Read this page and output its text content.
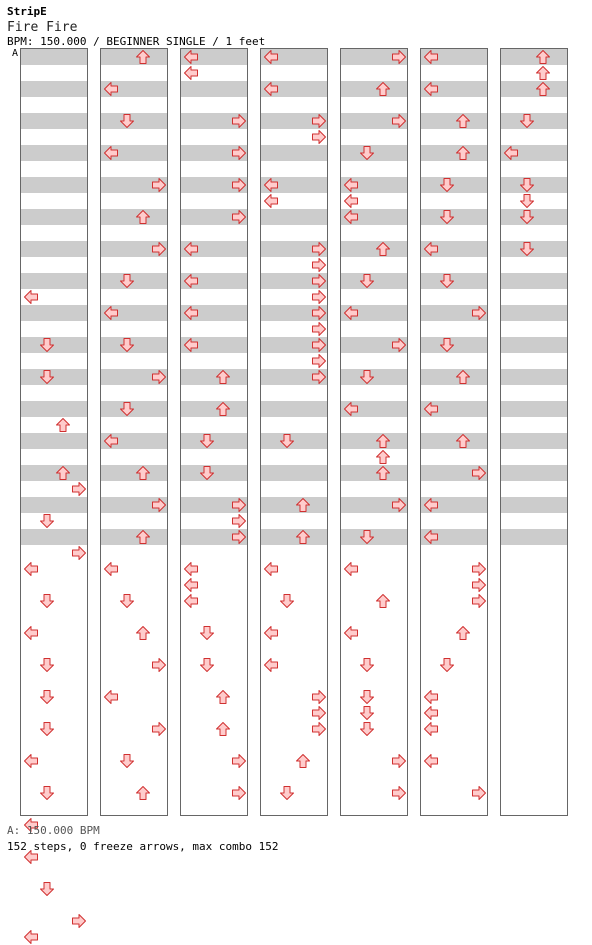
StripE
Fire Fire
BPM: 150.000 / BEGINNER SINGLE / 1 feet
A
A: 150.000 BPM
152 steps, 0 freeze arrows, max combo 152
